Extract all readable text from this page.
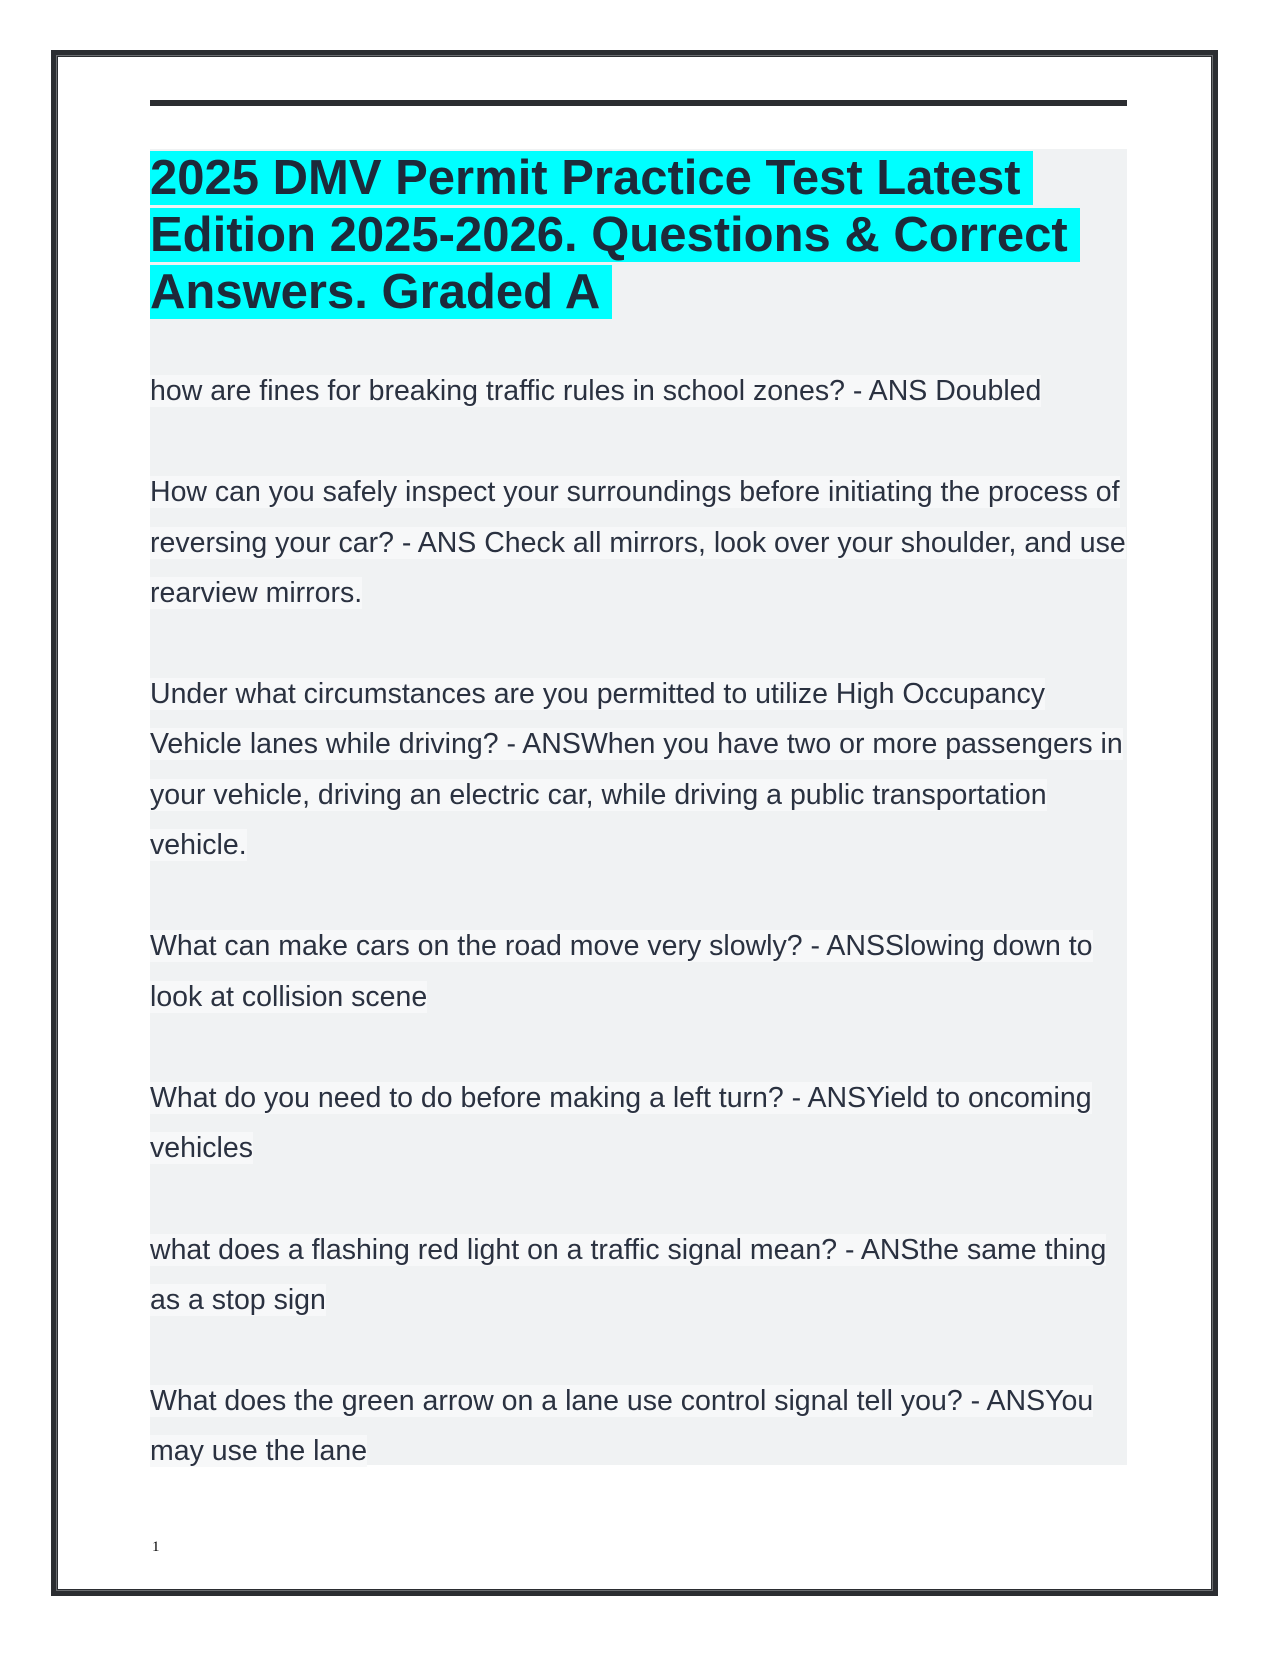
2025 DMV Permit Practice Test Latest Edition 2025-2026. Questions & Correct Answers. Graded A
how are fines for breaking traffic rules in school zones? - ANS Doubled
How can you safely inspect your surroundings before initiating the process of reversing your car? - ANS Check all mirrors, look over your shoulder, and use rearview mirrors.
Under what circumstances are you permitted to utilize High Occupancy Vehicle lanes while driving? - ANSWhen you have two or more passengers in your vehicle, driving an electric car, while driving a public transportation vehicle.
What can make cars on the road move very slowly? - ANSSlowing down to look at collision scene
What do you need to do before making a left turn? - ANSYield to oncoming vehicles
what does a flashing red light on a traffic signal mean? - ANSthe same thing as a stop sign
What does the green arrow on a lane use control signal tell you? - ANSYou may use the lane
1
